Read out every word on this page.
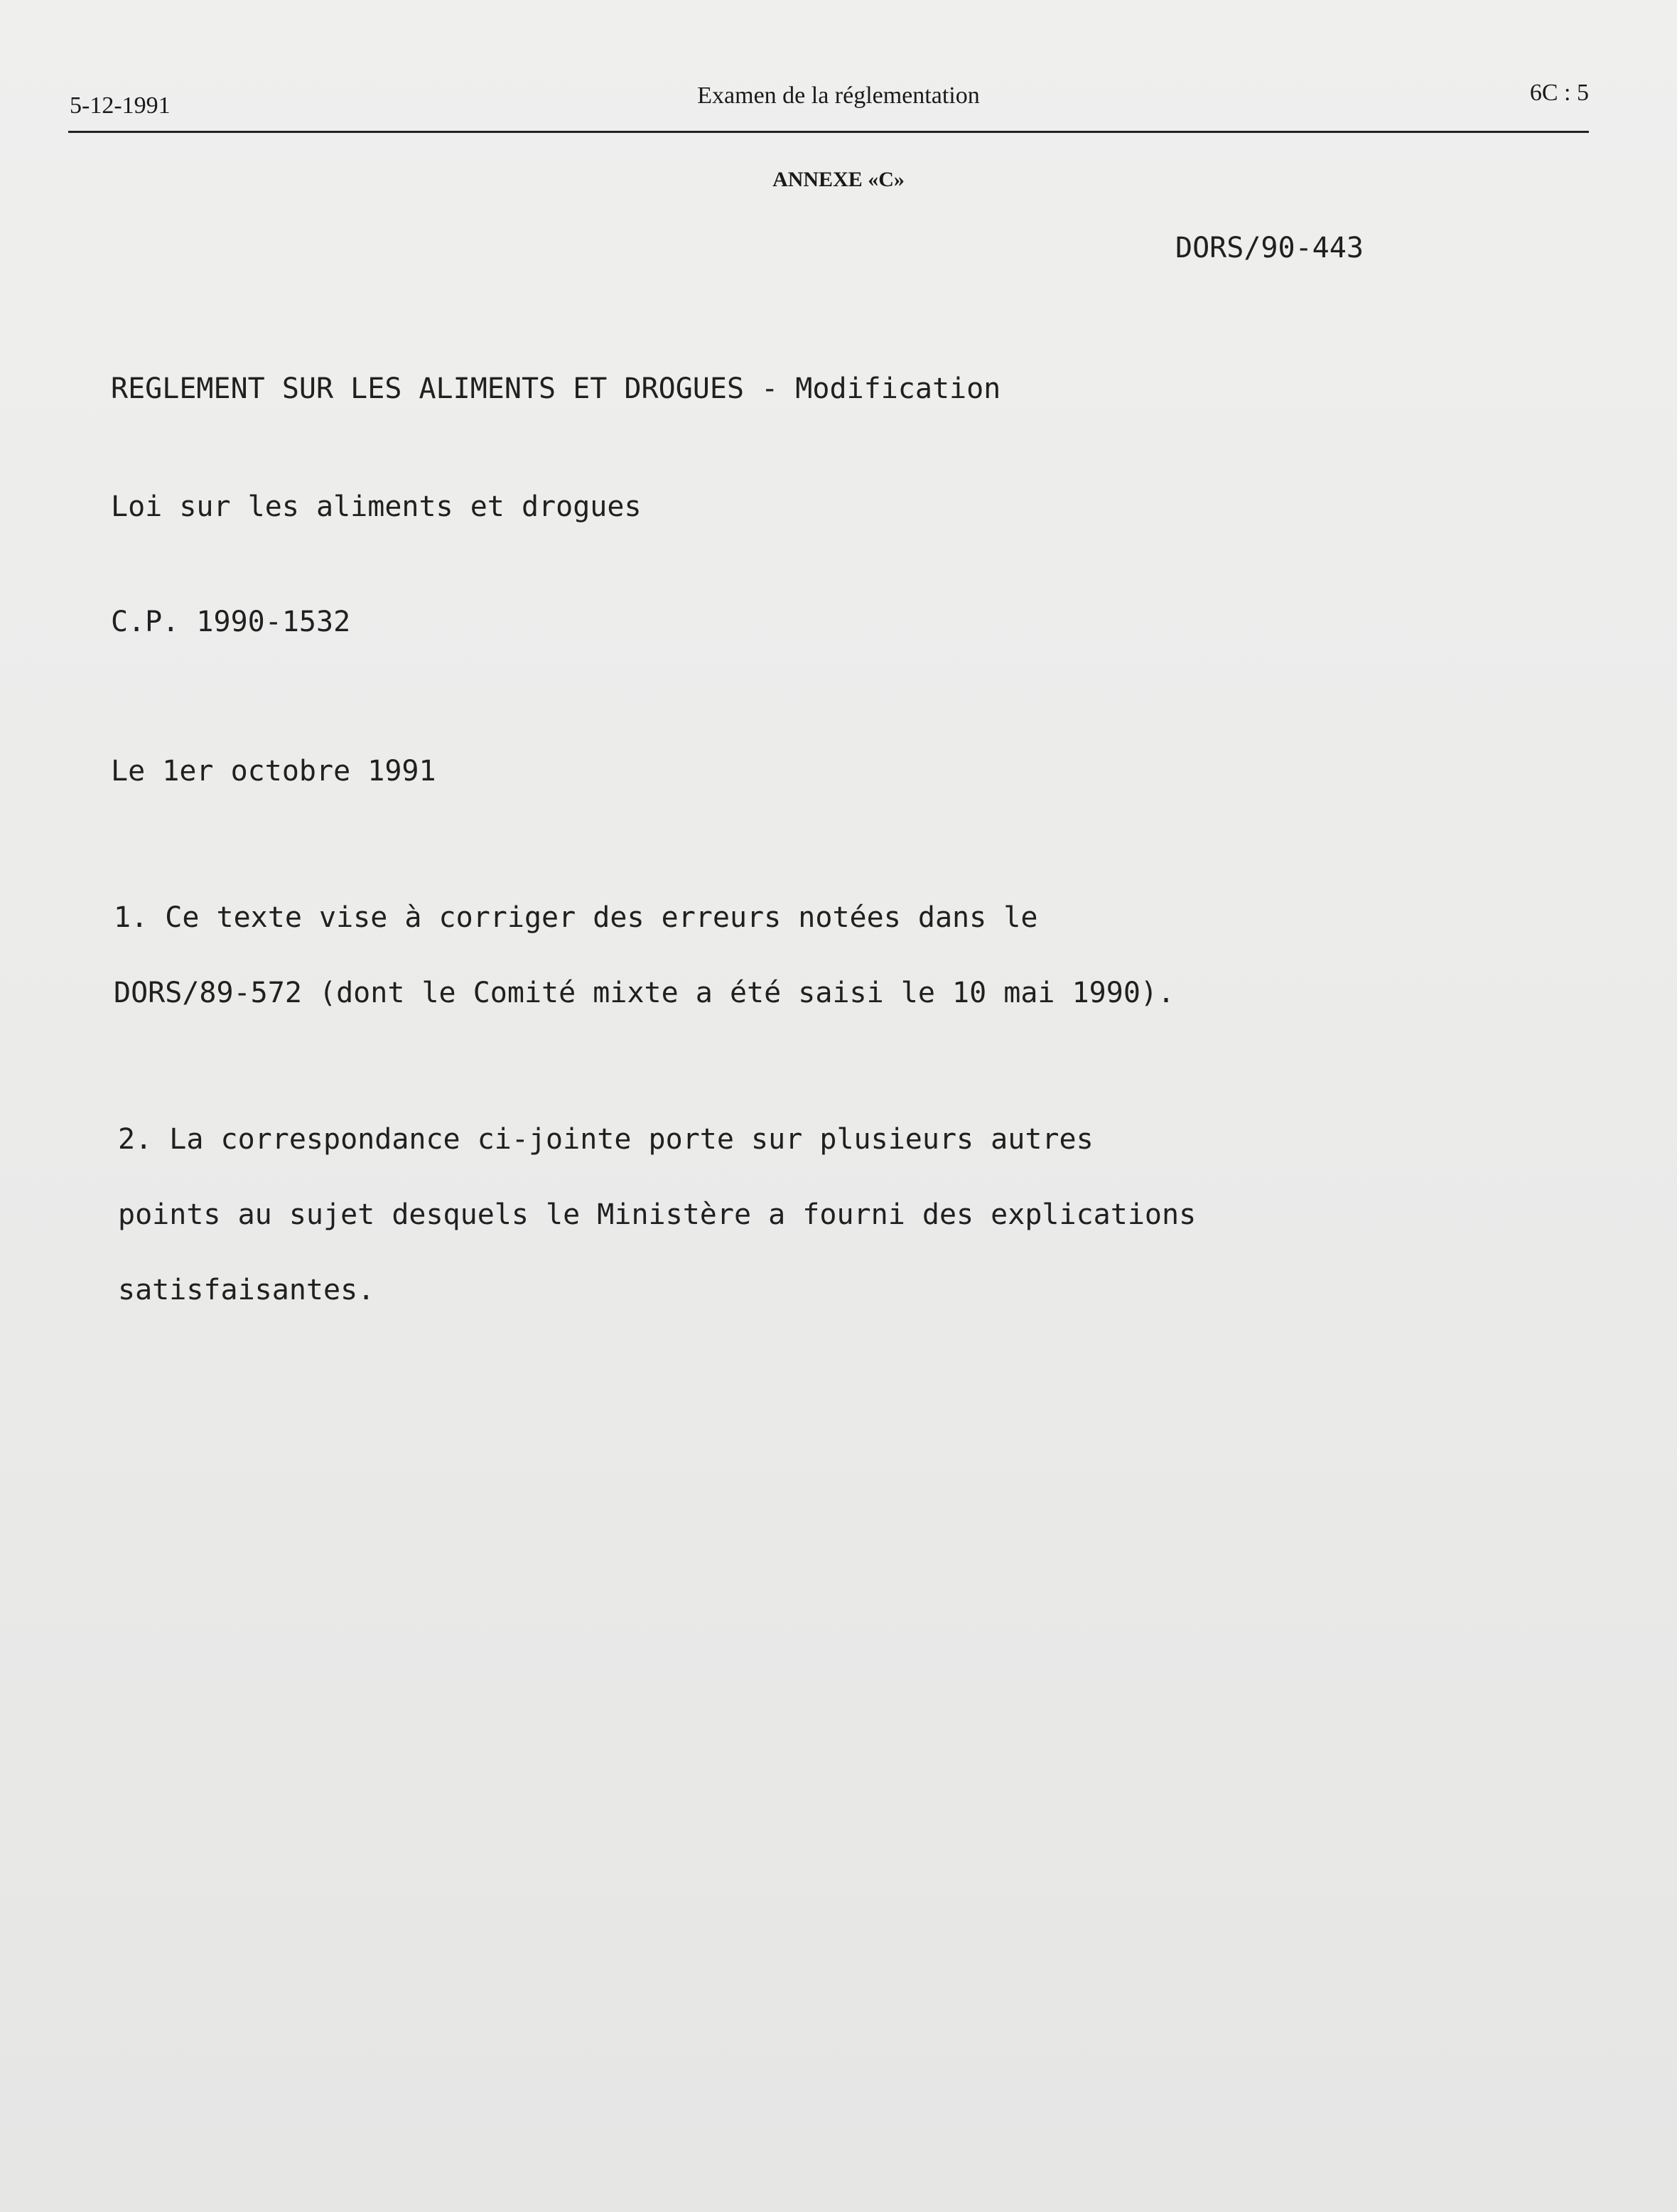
5-12-1991	Examen de la réglementation	6C : 5
ANNEXE «C»
DORS/90-443
REGLEMENT SUR LES ALIMENTS ET DROGUES - Modification
Loi sur les aliments et drogues
C.P. 1990-1532
Le 1er octobre 1991
1. Ce texte vise à corriger des erreurs notées dans le
DORS/89-572 (dont le Comité mixte a été saisi le 10 mai 1990).
2. La correspondance ci-jointe porte sur plusieurs autres
points au sujet desquels le Ministère a fourni des explications
satisfaisantes.
